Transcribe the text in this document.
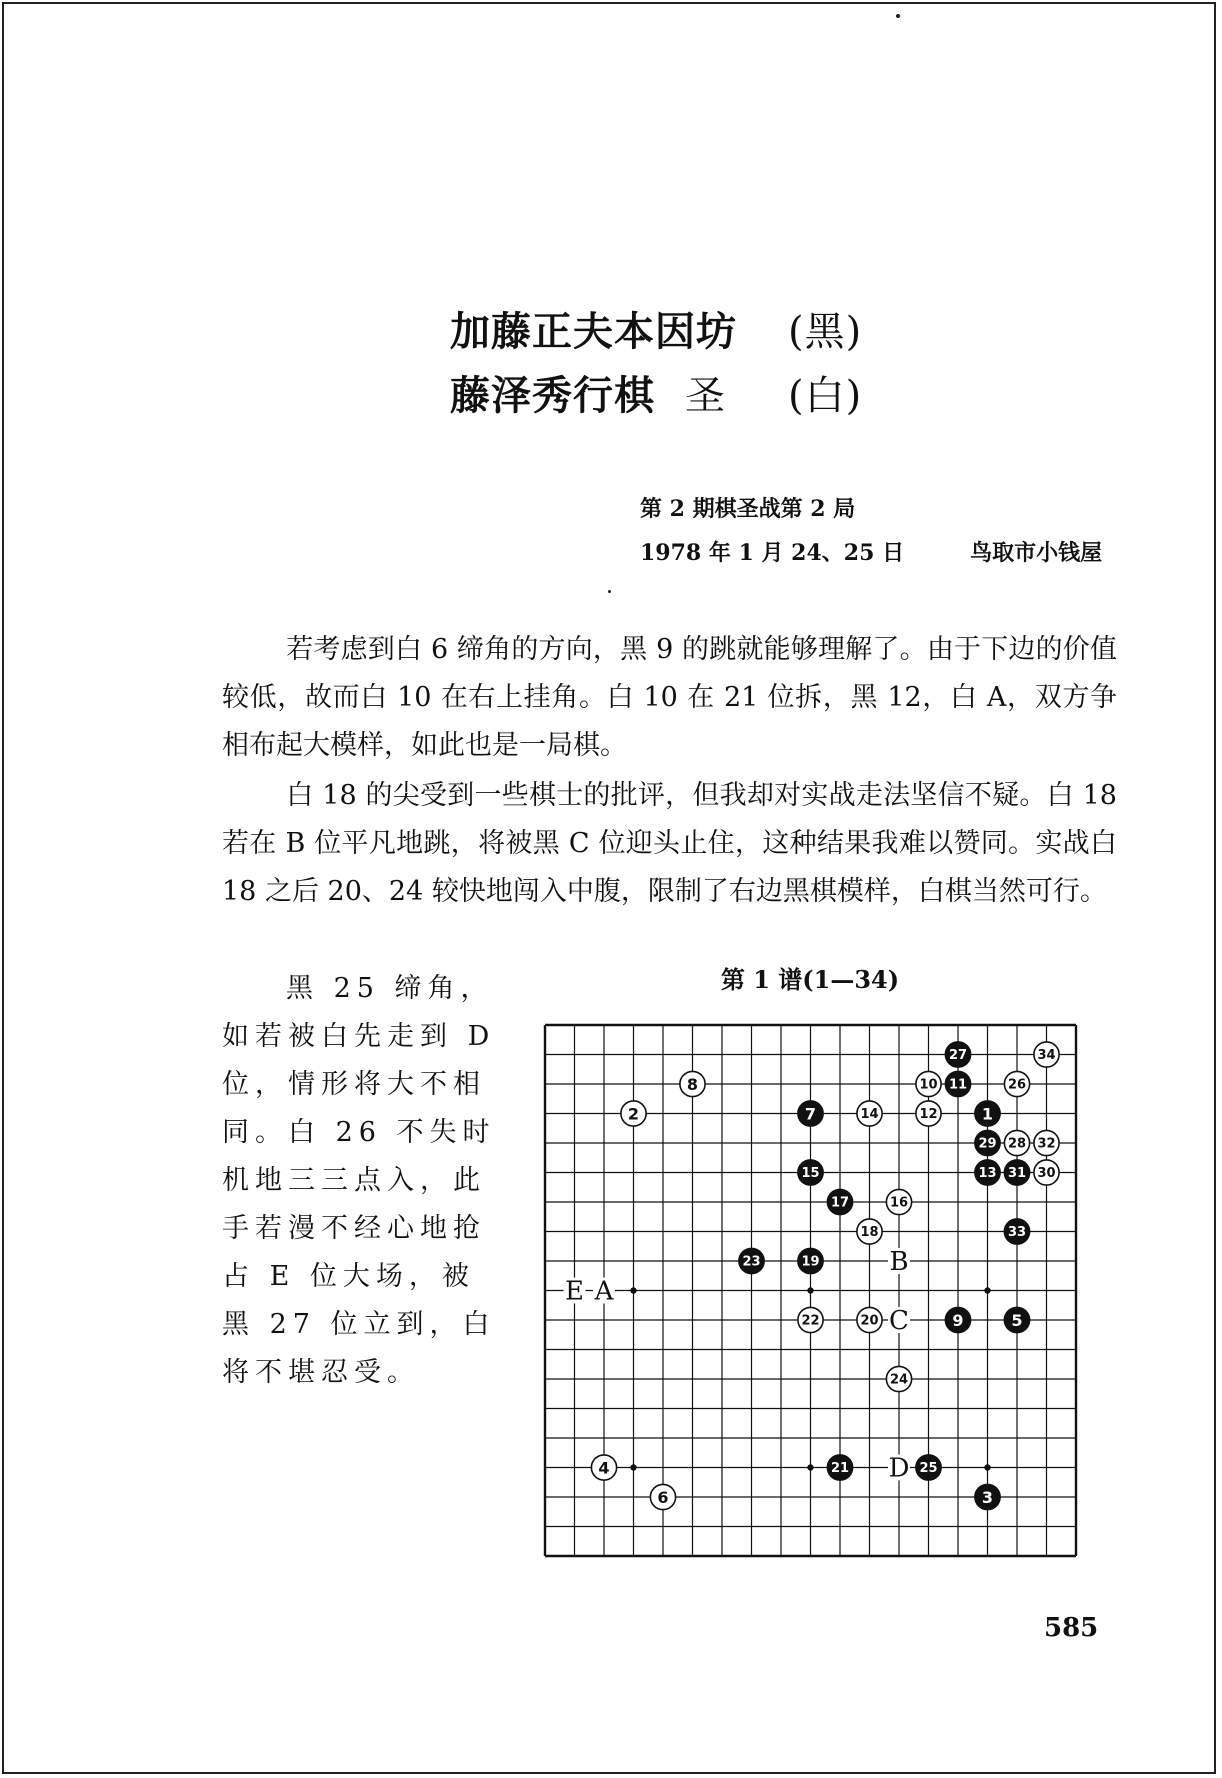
加藤正夫本因坊	(黑)
藤泽秀行棋 圣	(白)
第 2 期棋圣战第 2 局
1978 年 1 月 24、25 日	鸟取市小钱屋
若考虑到白 6 缔角的方向，黑 9 的跳就能够理解了。由于下边的价值较低，故而白 10 在右上挂角。白 10 在 21 位拆，黑 12，白 A，双方争相布起大模样，如此也是一局棋。
白 18 的尖受到一些棋士的批评，但我却对实战走法坚信不疑。白 18 若在 B 位平凡地跳，将被黑 C 位迎头止住，这种结果我难以赞同。实战白 18 之后 20、24 较快地闯入中腹，限制了右边黑棋模样，白棋当然可行。
黑 25 缔角，如若被白先走到 D 位，情形将大不相同。白 26 不失时机地三三点入，此手若漫不经心地抢占 E 位大场，被黑 27 位立到，白将不堪忍受。
第 1 谱(1—34)
E A
B
C
D
1
2
3
4
5
6
7
8
9
10 11
12
13
14
15
16
17
18
19
20
21
22
23
24
25
26
27
28
29
30
31
32
33
34
585
